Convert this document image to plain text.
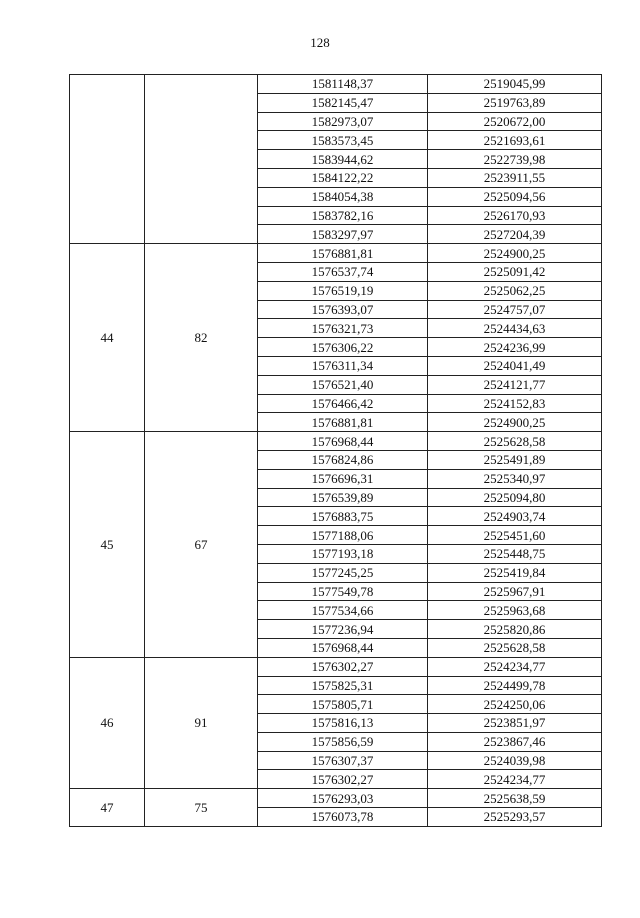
128
		1581148,37	2519045,99
		1582145,47	2519763,89
		1582973,07	2520672,00
		1583573,45	2521693,61
		1583944,62	2522739,98
		1584122,22	2523911,55
		1584054,38	2525094,56
		1583782,16	2526170,93
		1583297,97	2527204,39
44	82	1576881,81	2524900,25
		1576537,74	2525091,42
		1576519,19	2525062,25
		1576393,07	2524757,07
		1576321,73	2524434,63
		1576306,22	2524236,99
		1576311,34	2524041,49
		1576521,40	2524121,77
		1576466,42	2524152,83
		1576881,81	2524900,25
45	67	1576968,44	2525628,58
		1576824,86	2525491,89
		1576696,31	2525340,97
		1576539,89	2525094,80
		1576883,75	2524903,74
		1577188,06	2525451,60
		1577193,18	2525448,75
		1577245,25	2525419,84
		1577549,78	2525967,91
		1577534,66	2525963,68
		1577236,94	2525820,86
		1576968,44	2525628,58
46	91	1576302,27	2524234,77
		1575825,31	2524499,78
		1575805,71	2524250,06
		1575816,13	2523851,97
		1575856,59	2523867,46
		1576307,37	2524039,98
		1576302,27	2524234,77
47	75	1576293,03	2525638,59
		1576073,78	2525293,57
